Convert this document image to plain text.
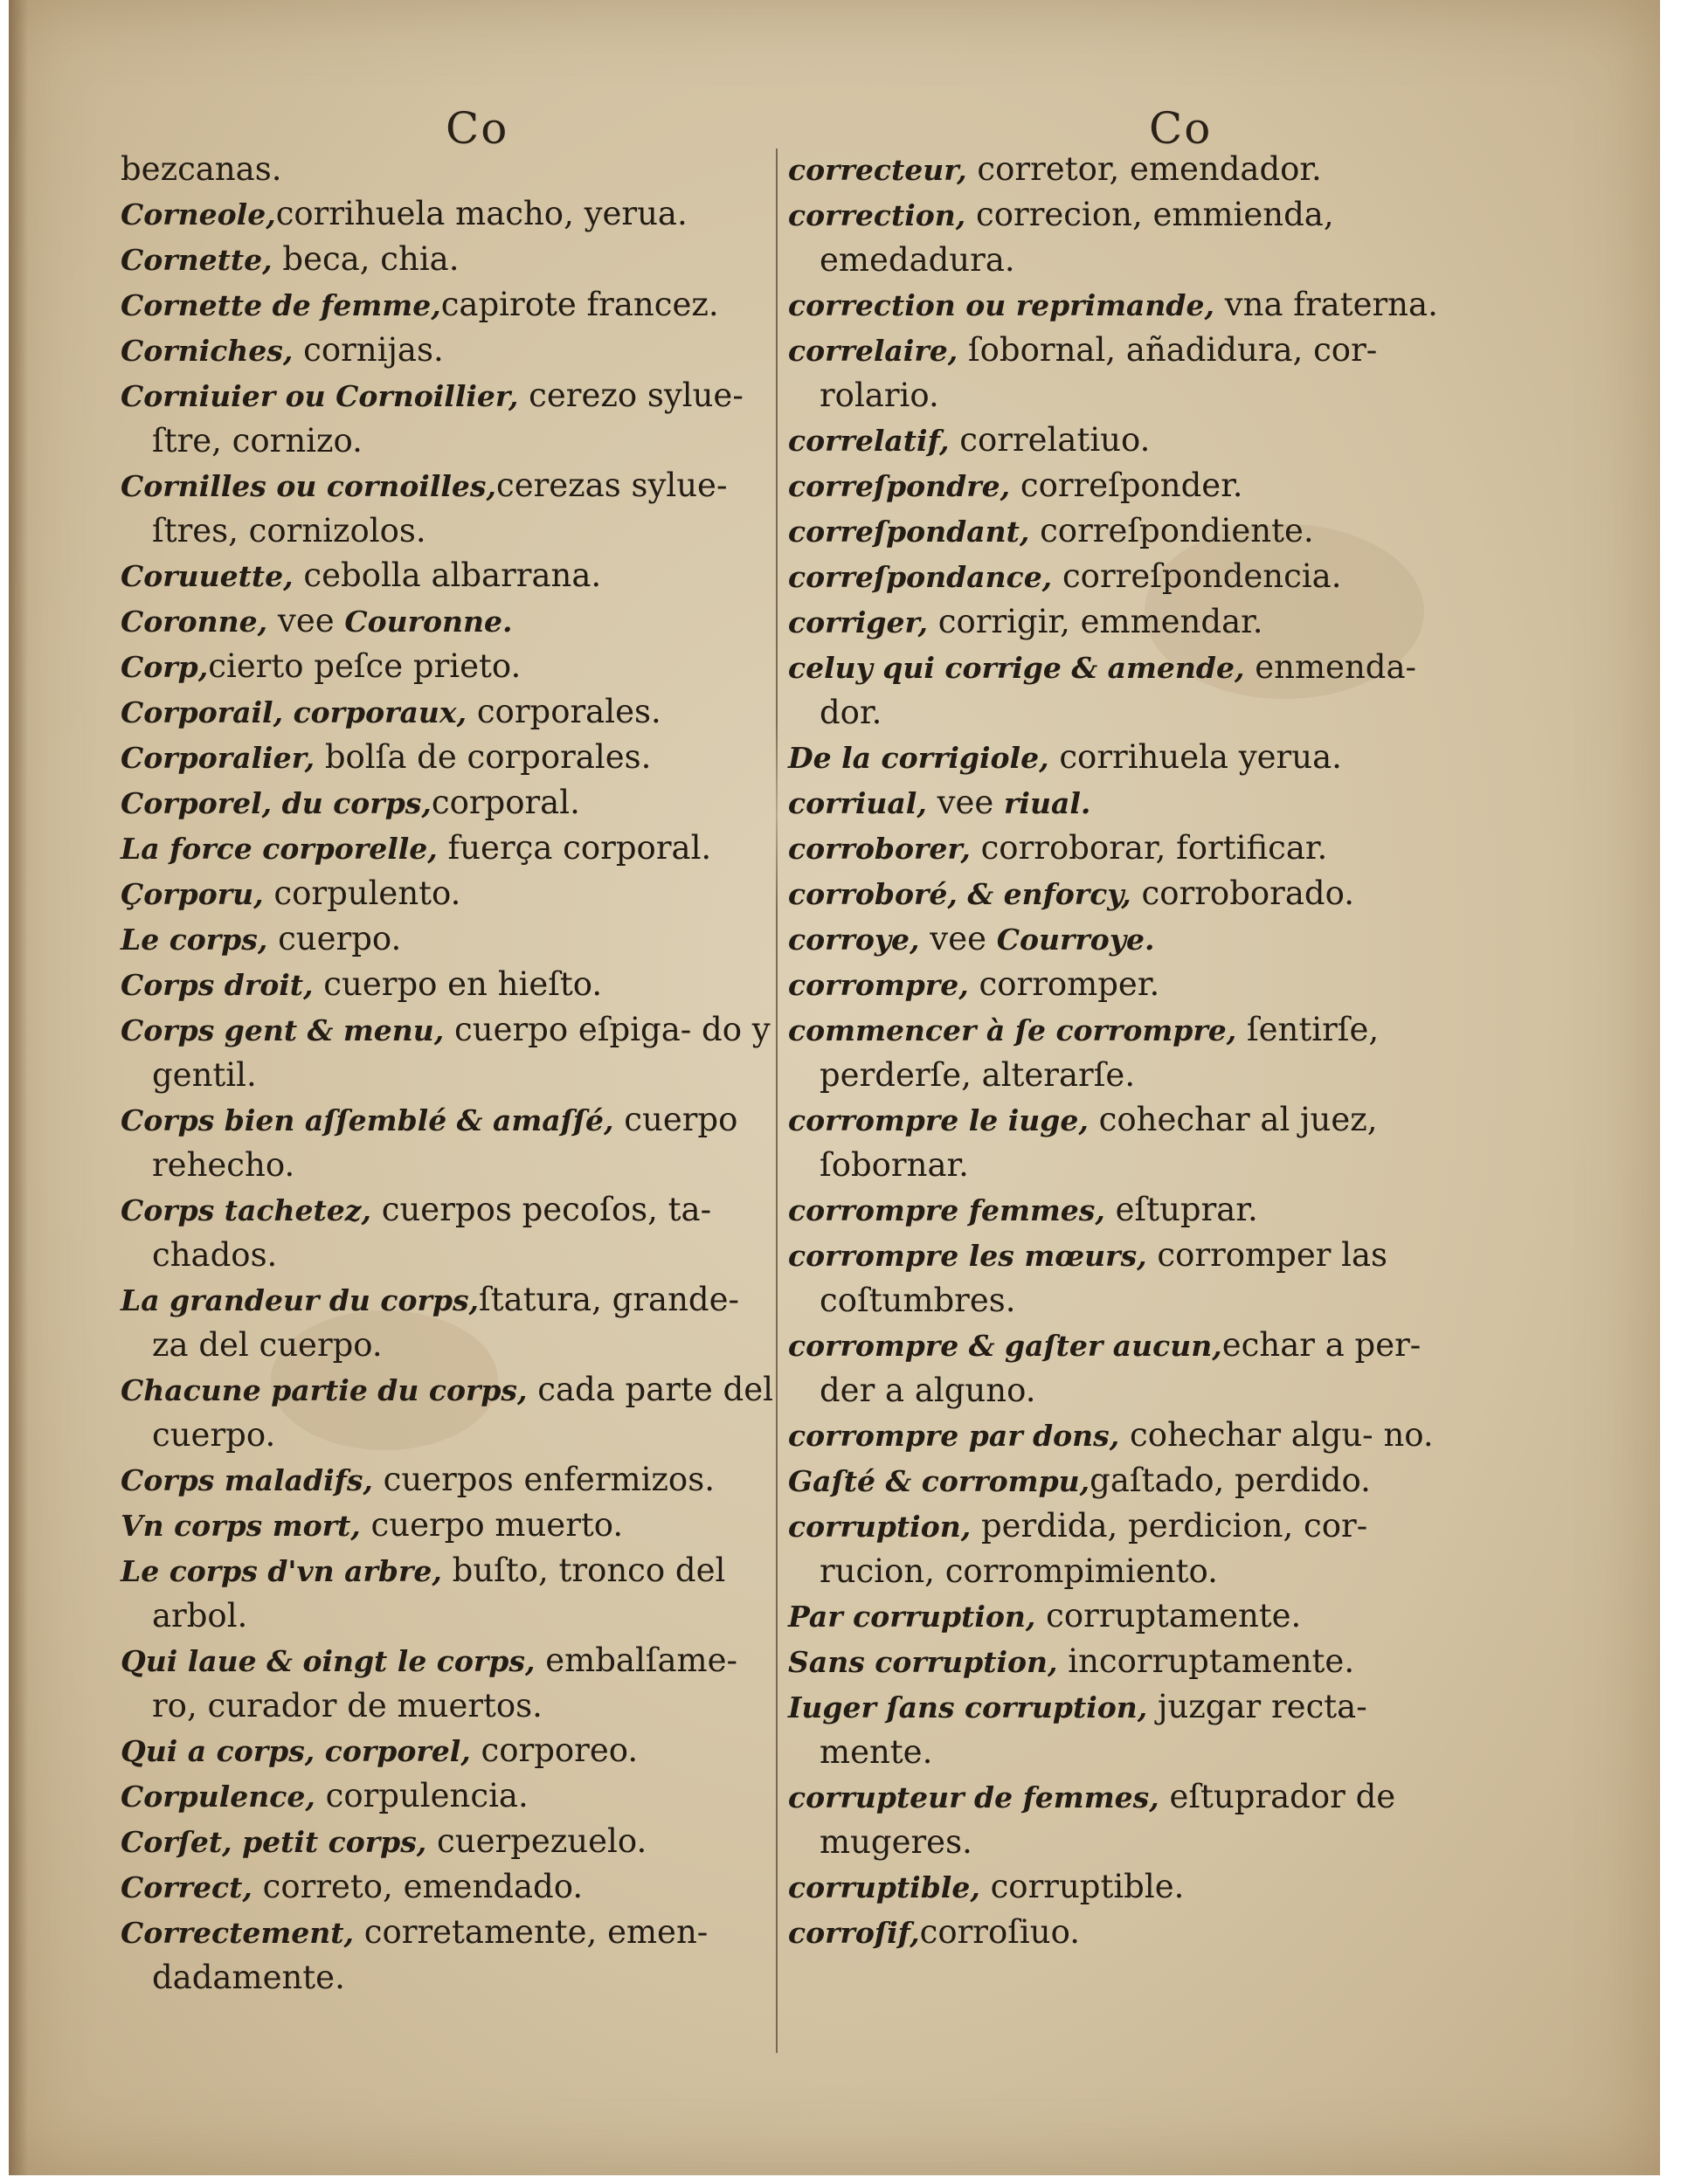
Co	Co
bezcanas.
Corneole,corrihuela macho, yerua.
Cornette, beca, chia.
Cornette de femme,capirote francez.
Corniches, cornijas.
Corniuier ou Cornoillier, cerezo sylue- ſtre, cornizo.
Cornilles ou cornoilles,cerezas sylue- ſtres, cornizolos.
Coruuette, cebolla albarrana.
Coronne, vee Couronne.
Corp,cierto peſce prieto.
Corporail, corporaux, corporales.
Corporalier, bolſa de corporales.
Corporel, du corps,corporal.
La force corporelle, fuerça corporal.
Çorporu, corpulento.
Le corps, cuerpo.
Corps droit, cuerpo en hieſto.
Corps gent & menu, cuerpo eſpiga- do y gentil.
Corps bien aſſemblé & amaſſé, cuerpo rehecho.
Corps tachetez, cuerpos pecoſos, ta- chados.
La grandeur du corps,ſtatura, grande- za del cuerpo.
Chacune partie du corps, cada parte del cuerpo.
Corps maladifs, cuerpos enfermizos.
Vn corps mort, cuerpo muerto.
Le corps d'vn arbre, buſto, tronco del arbol.
Qui laue & oingt le corps, embalſame- ro, curador de muertos.
Qui a corps, corporel, corporeo.
Corpulence, corpulencia.
Corſet, petit corps, cuerpezuelo.
Correct, correto, emendado.
Correctement, corretamente, emen- dadamente.
correcteur, corretor, emendador.
correction, correcion, emmienda, emedadura.
correction ou reprimande, vna fraterna.
correlaire, ſobornal, añadidura, cor- rolario.
correlatif, correlatiuo.
correſpondre, correſponder.
correſpondant, correſpondiente.
correſpondance, correſpondencia.
corriger, corrigir, emmendar.
celuy qui corrige & amende, enmenda- dor.
De la corrigiole, corrihuela yerua.
corriual, vee riual.
corroborer, corroborar, fortificar.
corroboré, & enforcy, corroborado.
corroye, vee Courroye.
corrompre, corromper.
commencer à ſe corrompre, ſentirſe, perderſe, alterarſe.
corrompre le iuge, cohechar al juez, ſobornar.
corrompre femmes, eſtuprar.
corrompre les mœurs, corromper las coſtumbres.
corrompre & gaſter aucun,echar a per- der a alguno.
corrompre par dons, cohechar algu- no.
Gaſté & corrompu,gaſtado, perdido.
corruption, perdida, perdicion, cor- rucion, corrompimiento.
Par corruption, corruptamente.
Sans corruption, incorruptamente.
Iuger ſans corruption, juzgar recta- mente.
corrupteur de femmes, eſtuprador de mugeres.
corruptible, corruptible.
corroſif,corroſiuo.
